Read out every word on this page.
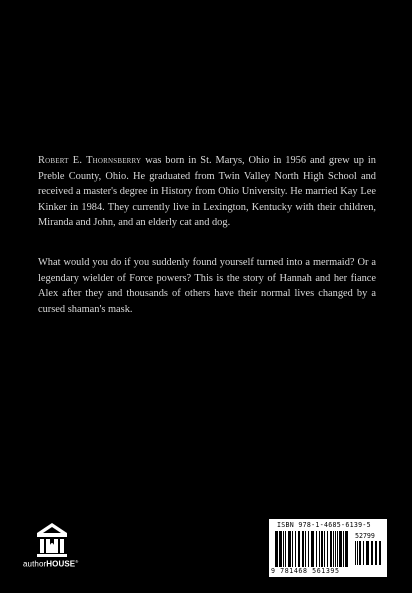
Robert E. Thornsberry was born in St. Marys, Ohio in 1956 and grew up in Preble County, Ohio. He graduated from Twin Valley North High School and received a master's degree in History from Ohio University. He married Kay Lee Kinker in 1984. They currently live in Lexington, Kentucky with their children, Miranda and John, and an elderly cat and dog.

What would you do if you suddenly found yourself turned into a mermaid? Or a legendary wielder of Force powers? This is the story of Hannah and her fiance Alex after they and thousands of others have their normal lives changed by a cursed shaman's mask.

authorHOUSE®
ISBN 978-1-4685-6139-5
52799
9 781468 561395
